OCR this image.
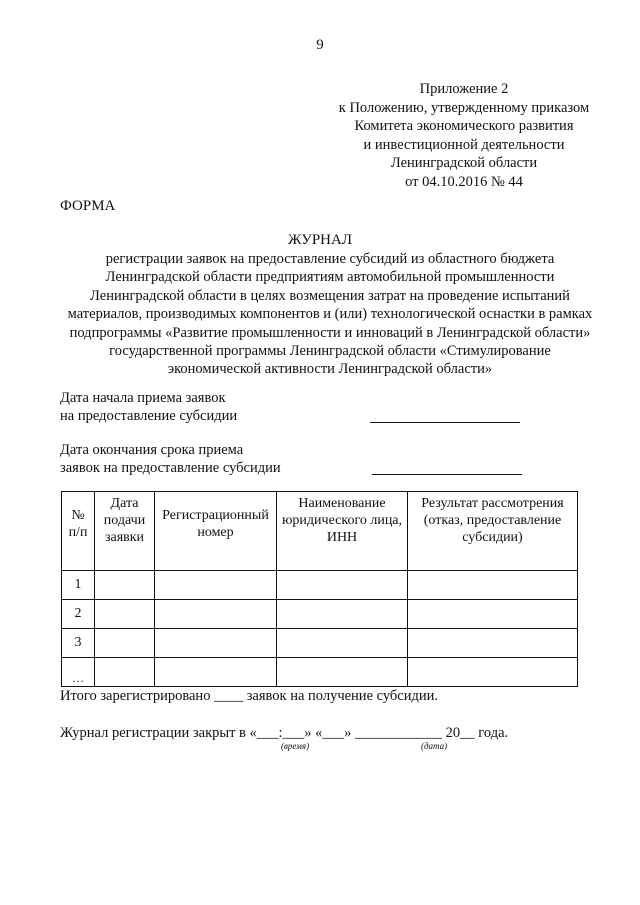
9
Приложение 2
к Положению, утвержденному приказом
Комитета экономического развития
и инвестиционной деятельности
Ленинградской области
от 04.10.2016 № 44
ФОРМА
ЖУРНАЛ
регистрации заявок на предоставление субсидий из областного бюджета
Ленинградской области предприятиям автомобильной промышленности
Ленинградской области в целях возмещения затрат на проведение испытаний
материалов, производимых компонентов и (или) технологической оснастки в рамках
подпрограммы «Развитие промышленности и инноваций в Ленинградской области»
государственной программы Ленинградской области «Стимулирование
экономической активности Ленинградской области»
Дата начала приема заявок
на предоставление субсидии
Дата окончания срока приема
заявок на предоставление субсидии
№ п/п	Дата подачи заявки	Регистрационный номер	Наименование юридического лица, ИНН	Результат рассмотрения (отказ, предоставление субсидии)
1				
2				
3				
…				
Итого зарегистрировано ____ заявок на получение субсидии.
Журнал регистрации закрыт в «___:___» «___» ____________ 20__ года.
(время)	(дата)
